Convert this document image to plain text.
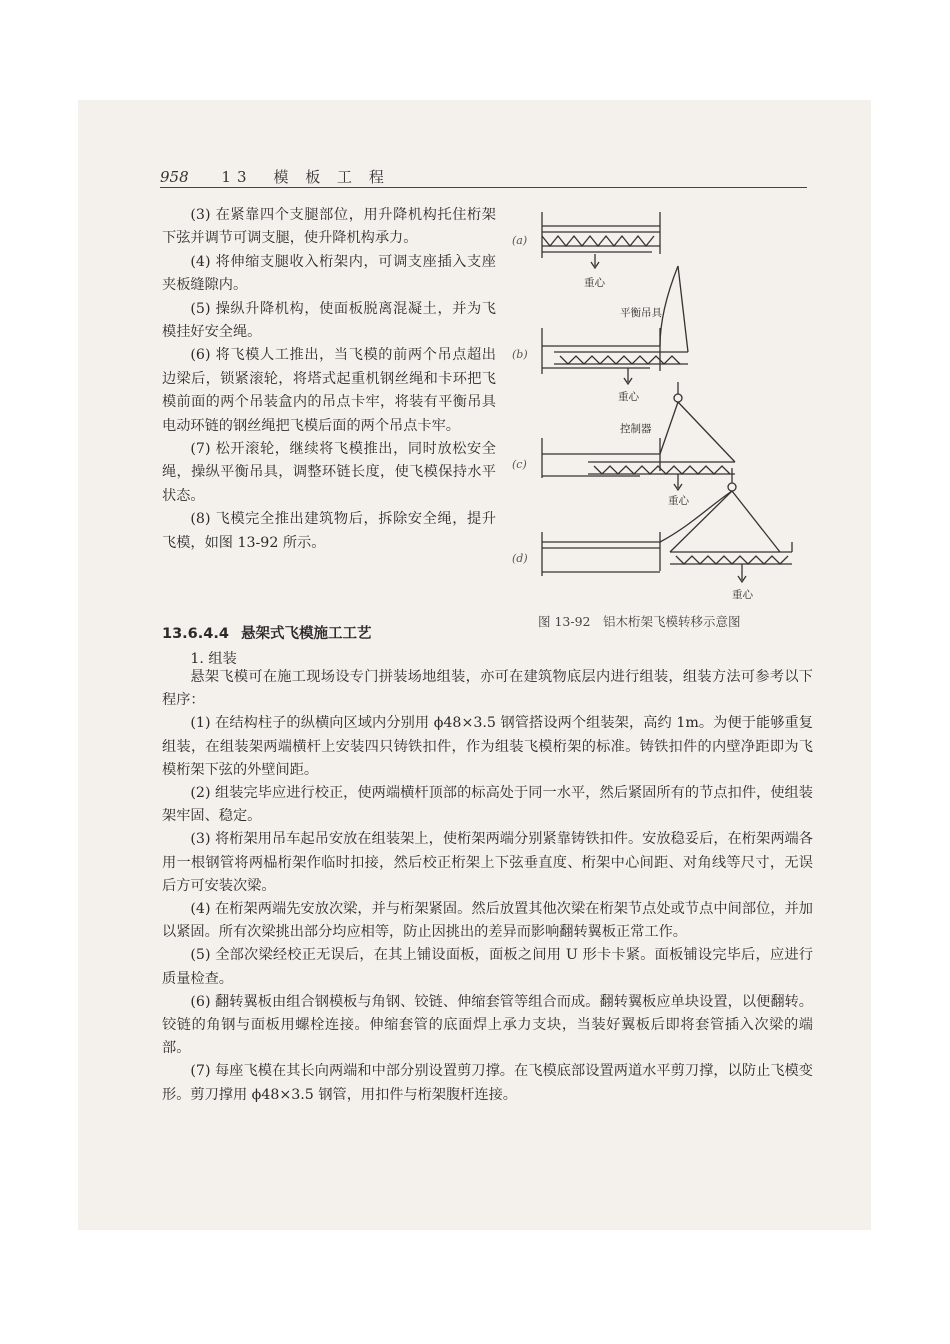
958 13　模 板 工 程

(3) 在紧靠四个支腿部位，用升降机构托住桁架下弦并调节可调支腿，使升降机构承力。

(4) 将伸缩支腿收入桁架内，可调支座插入支座夹板缝隙内。

(5) 操纵升降机构，使面板脱离混凝土，并为飞模挂好安全绳。

(6) 将飞模人工推出，当飞模的前两个吊点超出边梁后，锁紧滚轮，将塔式起重机钢丝绳和卡环把飞模前面的两个吊装盒内的吊点卡牢，将装有平衡吊具电动环链的钢丝绳把飞模后面的两个吊点卡牢。

(7) 松开滚轮，继续将飞模推出，同时放松安全绳，操纵平衡吊具，调整环链长度，使飞模保持水平状态。

(8) 飞模完全推出建筑物后，拆除安全绳，提升飞模，如图 13-92 所示。

(a)
(b)
(c)
(d)
重心
平衡吊具
重心
控制器
重心
重心
图 13-92　铝木桁架飞模转移示意图
13.6.4.4 悬架式飞模施工工艺
1. 组装

悬架飞模可在施工现场设专门拼装场地组装，亦可在建筑物底层内进行组装，组装方法可参考以下程序：

(1) 在结构柱子的纵横向区域内分别用 ϕ48×3.5 钢管搭设两个组装架，高约 1m。为便于能够重复组装，在组装架两端横杆上安装四只铸铁扣件，作为组装飞模桁架的标准。铸铁扣件的内壁净距即为飞模桁架下弦的外壁间距。

(2) 组装完毕应进行校正，使两端横杆顶部的标高处于同一水平，然后紧固所有的节点扣件，使组装架牢固、稳定。

(3) 将桁架用吊车起吊安放在组装架上，使桁架两端分别紧靠铸铁扣件。安放稳妥后，在桁架两端各用一根钢管将两榀桁架作临时扣接，然后校正桁架上下弦垂直度、桁架中心间距、对角线等尺寸，无误后方可安装次梁。

(4) 在桁架两端先安放次梁，并与桁架紧固。然后放置其他次梁在桁架节点处或节点中间部位，并加以紧固。所有次梁挑出部分均应相等，防止因挑出的差异而影响翻转翼板正常工作。

(5) 全部次梁经校正无误后，在其上铺设面板，面板之间用 U 形卡卡紧。面板铺设完毕后，应进行质量检查。

(6) 翻转翼板由组合钢模板与角钢、铰链、伸缩套管等组合而成。翻转翼板应单块设置，以便翻转。铰链的角钢与面板用螺栓连接。伸缩套管的底面焊上承力支块，当装好翼板后即将套管插入次梁的端部。

(7) 每座飞模在其长向两端和中部分别设置剪刀撑。在飞模底部设置两道水平剪刀撑，以防止飞模变形。剪刀撑用 ϕ48×3.5 钢管，用扣件与桁架腹杆连接。
